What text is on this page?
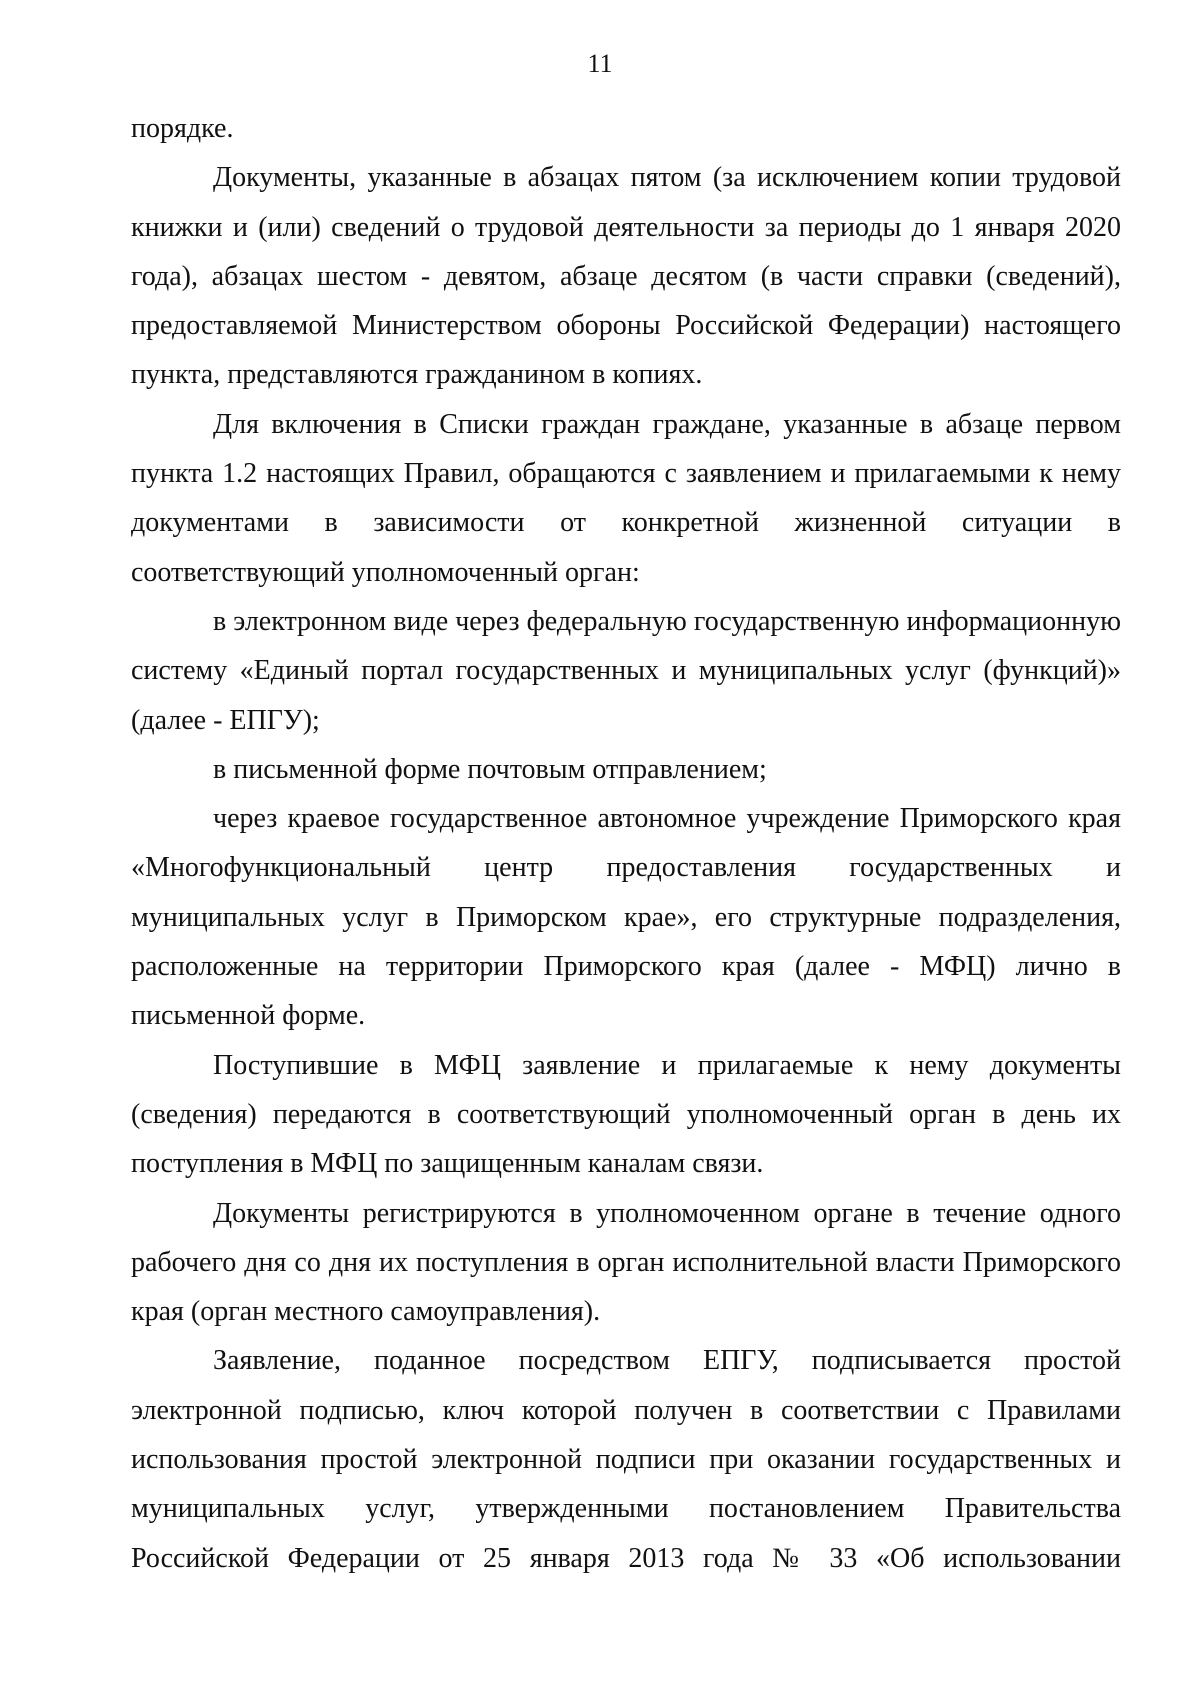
11

порядке.

Документы, указанные в абзацах пятом (за исключением копии трудовой книжки и (или) сведений о трудовой деятельности за периоды до 1 января 2020 года), абзацах шестом - девятом, абзаце десятом (в части справки (сведений), предоставляемой Министерством обороны Российской Федерации) настоящего пункта, представляются гражданином в копиях.

Для включения в Списки граждан граждане, указанные в абзаце первом пункта 1.2 настоящих Правил, обращаются с заявлением и прилагаемыми к нему документами в зависимости от конкретной жизненной ситуации в соответствующий уполномоченный орган:

в электронном виде через федеральную государственную информационную систему «Единый портал государственных и муниципальных услуг (функций)» (далее - ЕПГУ);

в письменной форме почтовым отправлением;

через краевое государственное автономное учреждение Приморского края «Многофункциональный центр предоставления государственных и муниципальных услуг в Приморском крае», его структурные подразделения, расположенные на территории Приморского края (далее - МФЦ) лично в письменной форме.

Поступившие в МФЦ заявление и прилагаемые к нему документы (сведения) передаются в соответствующий уполномоченный орган в день их поступления в МФЦ по защищенным каналам связи.

Документы регистрируются в уполномоченном органе в течение одного рабочего дня со дня их поступления в орган исполнительной власти Приморского края (орган местного самоуправления).

Заявление, поданное посредством ЕПГУ, подписывается простой электронной подписью, ключ которой получен в соответствии с Правилами использования простой электронной подписи при оказании государственных и муниципальных услуг, утвержденными постановлением Правительства Российской Федерации от 25 января 2013 года № 33 «Об использовании
